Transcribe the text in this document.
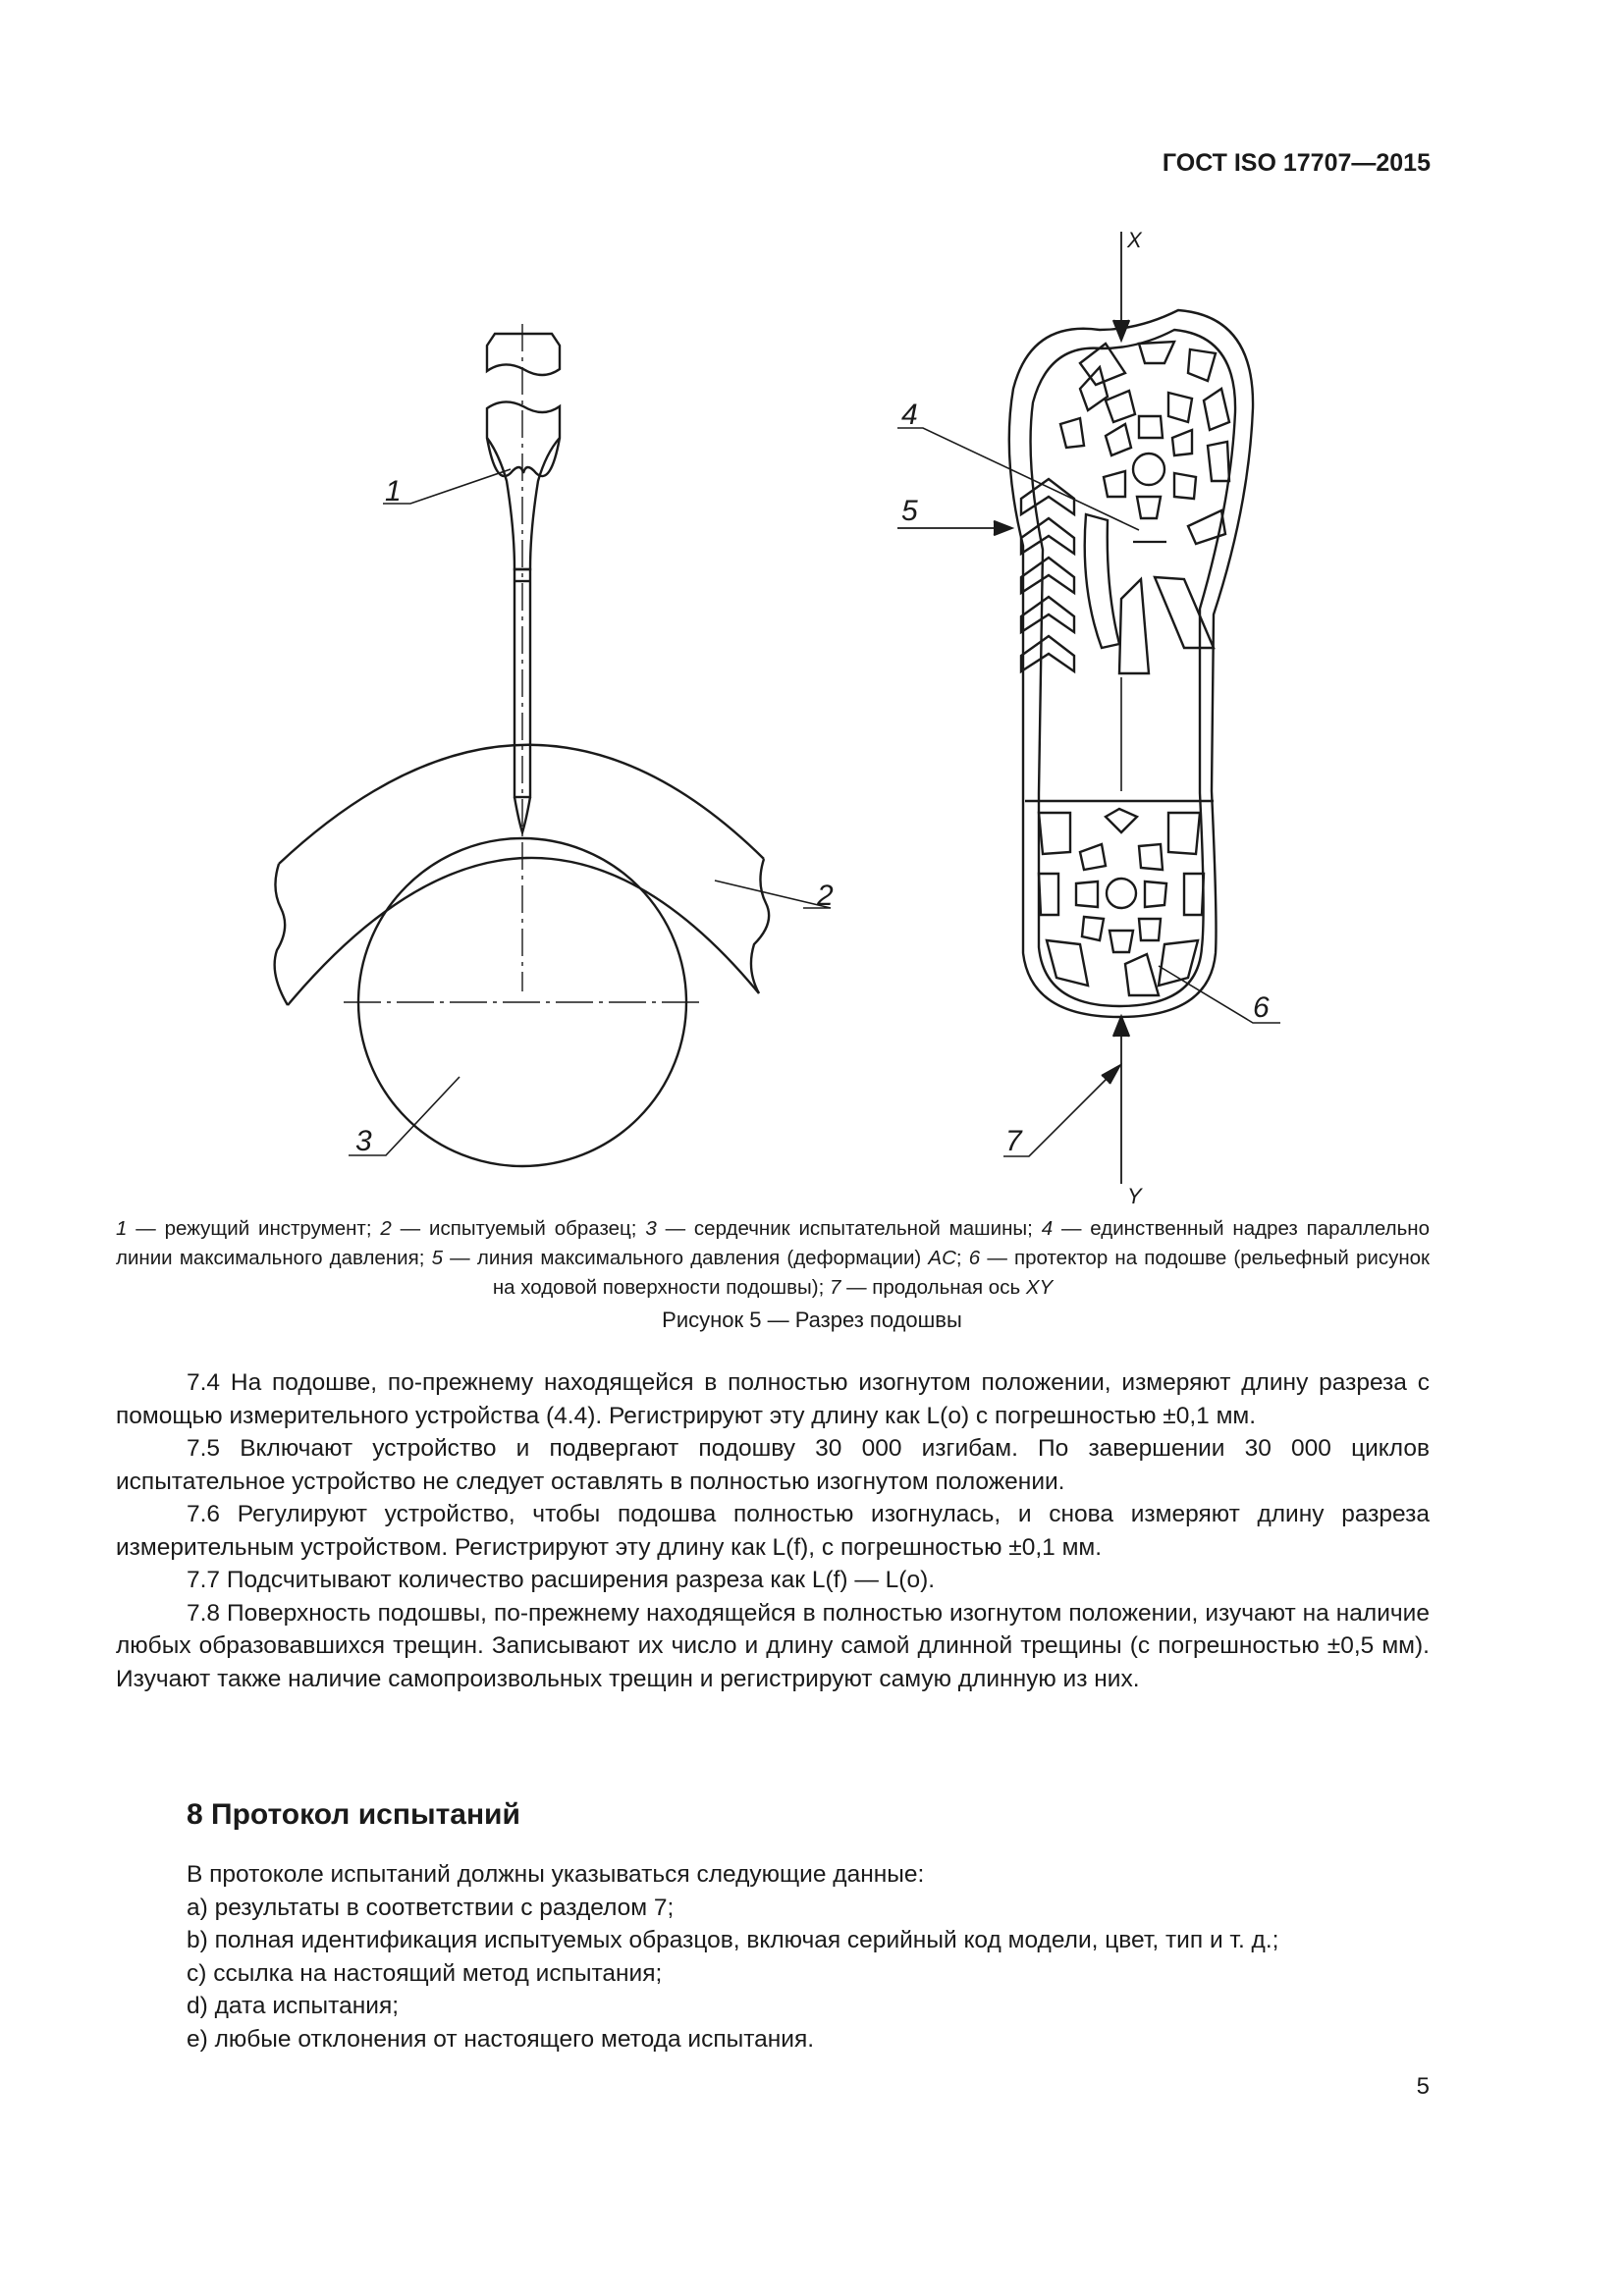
ГОСТ ISO 17707—2015
1
2
3
4
5
6
7
X
Y
1 — режущий инструмент; 2 — испытуемый образец; 3 — сердечник испытательной машины; 4 — единственный надрез параллельно линии максимального давления; 5 — линия максимального давления (деформации) AC; 6 — протектор на подошве (рельефный рисунок на ходовой поверхности подошвы); 7 — продольная ось XY
Рисунок 5 — Разрез подошвы

7.4 На подошве, по-прежнему находящейся в полностью изогнутом положении, измеряют длину разреза с помощью измерительного устройства (4.4). Регистрируют эту длину как L(о) с погрешностью ±0,1 мм.

7.5 Включают устройство и подвергают подошву 30 000 изгибам. По завершении 30 000 циклов испытательное устройство не следует оставлять в полностью изогнутом положении.

7.6 Регулируют устройство, чтобы подошва полностью изогнулась, и снова измеряют длину разреза измерительным устройством. Регистрируют эту длину как L(f), с погрешностью ±0,1 мм.

7.7 Подсчитывают количество расширения разреза как L(f) — L(о).

7.8 Поверхность подошвы, по-прежнему находящейся в полностью изогнутом положении, изучают на наличие любых образовавшихся трещин. Записывают их число и длину самой длинной трещины (с погрешностью ±0,5 мм). Изучают также наличие самопроизвольных трещин и регистрируют самую длинную из них.

8 Протокол испытаний
В протоколе испытаний должны указываться следующие данные:
a) результаты в соответствии с разделом 7;
b) полная идентификация испытуемых образцов, включая серийный код модели, цвет, тип и т. д.;
c) ссылка на настоящий метод испытания;
d) дата испытания;
e) любые отклонения от настоящего метода испытания.
5
